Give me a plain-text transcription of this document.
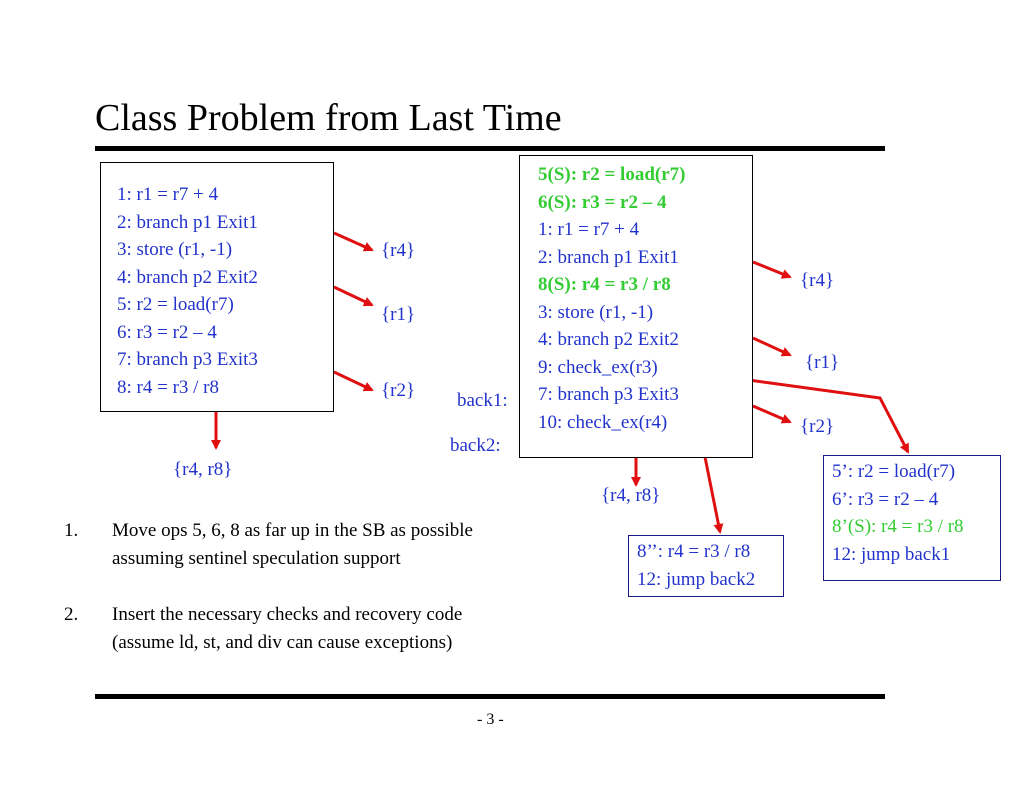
Class Problem from Last Time
1: r1 = r7 + 4
2: branch p1 Exit1
3: store (r1, -1)
4: branch p2 Exit2
5: r2 = load(r7)
6: r3 = r2 – 4
7: branch p3 Exit3
8: r4 = r3 / r8
{r4}
{r1}
{r2}
{r4, r8}
5(S): r2 = load(r7)
6(S): r3 = r2 – 4
1: r1 = r7 + 4
2: branch p1 Exit1
8(S): r4 = r3 / r8
3: store (r1, -1)
4: branch p2 Exit2
9: check_ex(r3)
7: branch p3 Exit3
10: check_ex(r4)
back1:
back2:
{r4}
{r1}
{r2}
{r4, r8}
5’: r2 = load(r7)
6’: r3 = r2 – 4
8’(S): r4 = r3 / r8
12: jump back1
8’’: r4 = r3 / r8
12: jump back2
1. Move ops 5, 6, 8 as far up in the SB as possible assuming sentinel speculation support
2. Insert the necessary checks and recovery code (assume ld, st, and div can cause exceptions)
- 3 -
